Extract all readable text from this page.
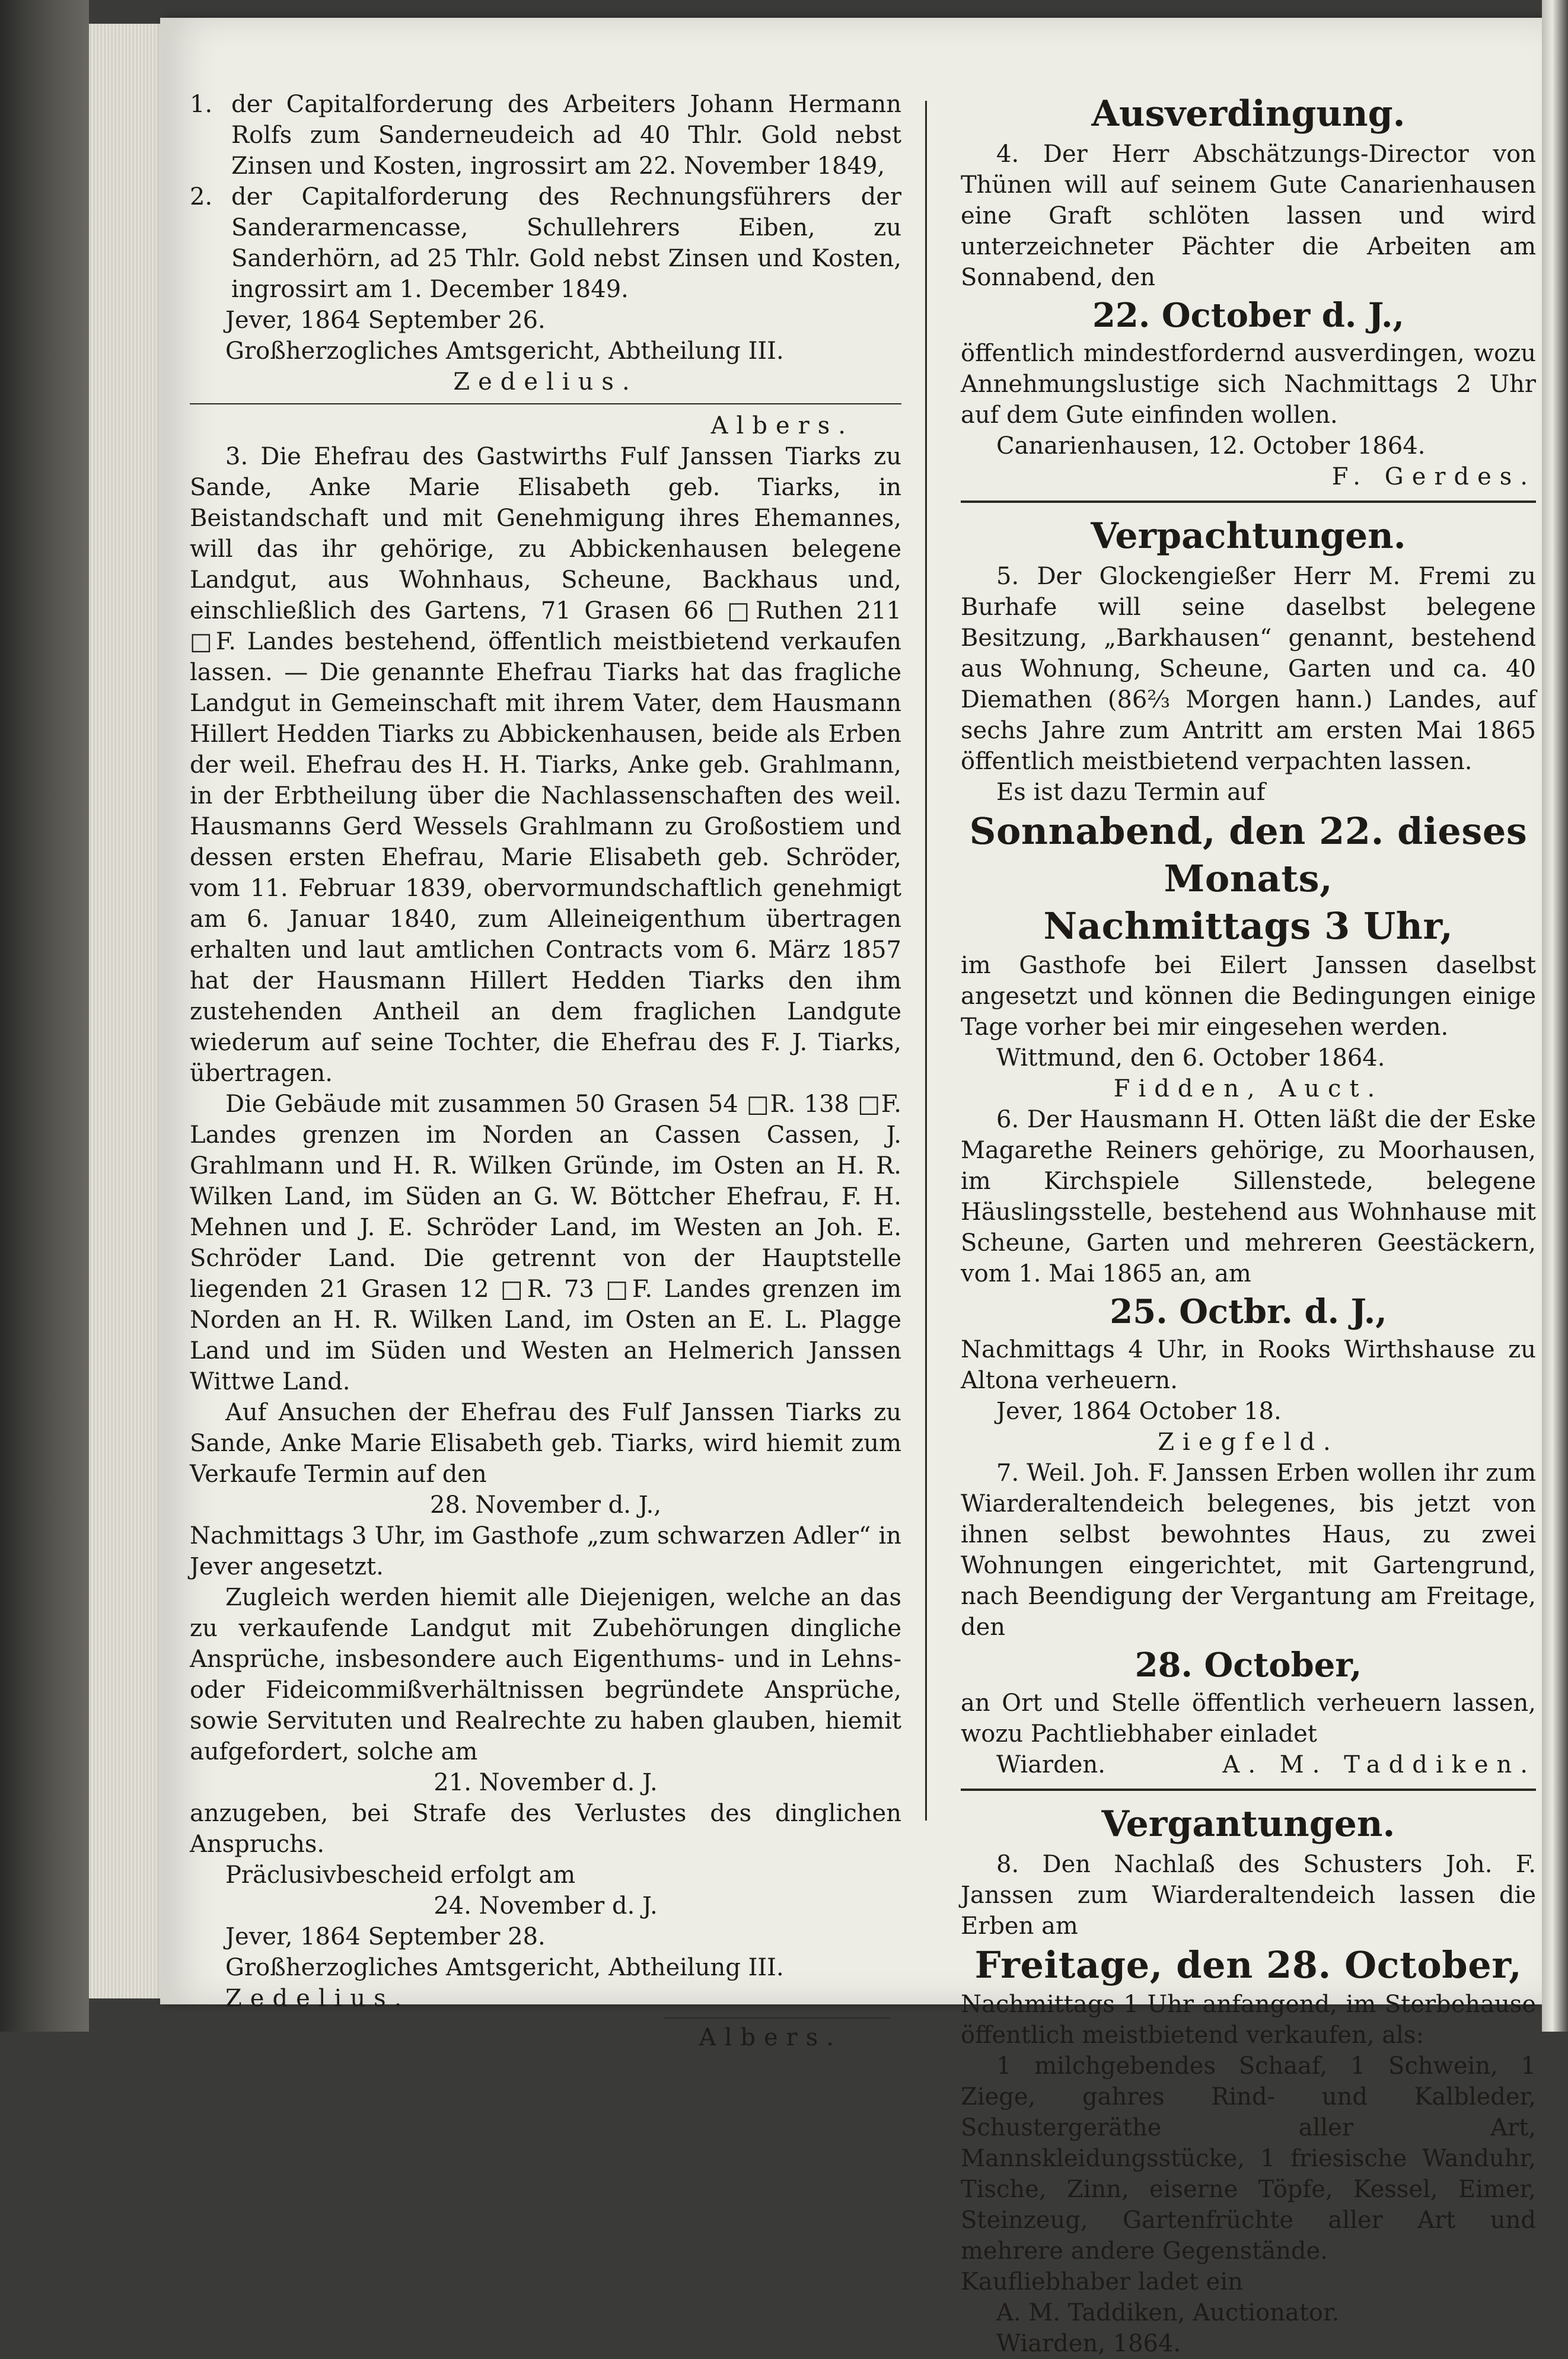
1. der Capitalforderung des Arbeiters Johann Hermann Rolfs zum Sanderneudeich ad 40 Thlr. Gold nebst Zinsen und Kosten, ingrossirt am 22. November 1849,
2. der Capitalforderung des Rechnungsführers der Sanderarmencasse, Schullehrers Eiben, zu Sanderhörn, ad 25 Thlr. Gold nebst Zinsen und Kosten, ingrossirt am 1. December 1849.

Jever, 1864 September 26.

Großherzogliches Amtsgericht, Abtheilung III.

Zedelius.

Albers.

3. Die Ehefrau des Gastwirths Fulf Janssen Tiarks zu Sande, Anke Marie Elisabeth geb. Tiarks, in Beistandschaft und mit Genehmigung ihres Ehemannes, will das ihr gehörige, zu Abbickenhausen belegene Landgut, aus Wohnhaus, Scheune, Backhaus und, einschließlich des Gartens, 71 Grasen 66 □Ruthen 211 □F. Landes bestehend, öffentlich meistbietend verkaufen lassen. — Die genannte Ehefrau Tiarks hat das fragliche Landgut in Gemeinschaft mit ihrem Vater, dem Hausmann Hillert Hedden Tiarks zu Abbickenhausen, beide als Erben der weil. Ehefrau des H. H. Tiarks, Anke geb. Grahlmann, in der Erbtheilung über die Nachlassenschaften des weil. Hausmanns Gerd Wessels Grahlmann zu Großostiem und dessen ersten Ehefrau, Marie Elisabeth geb. Schröder, vom 11. Februar 1839, obervormundschaftlich genehmigt am 6. Januar 1840, zum Alleineigenthum übertragen erhalten und laut amtlichen Contracts vom 6. März 1857 hat der Hausmann Hillert Hedden Tiarks den ihm zustehenden Antheil an dem fraglichen Landgute wiederum auf seine Tochter, die Ehefrau des F. J. Tiarks, übertragen.

Die Gebäude mit zusammen 50 Grasen 54 □R. 138 □F. Landes grenzen im Norden an Cassen Cassen, J. Grahlmann und H. R. Wilken Gründe, im Osten an H. R. Wilken Land, im Süden an G. W. Böttcher Ehefrau, F. H. Mehnen und J. E. Schröder Land, im Westen an Joh. E. Schröder Land. Die getrennt von der Hauptstelle liegenden 21 Grasen 12 □R. 73 □F. Landes grenzen im Norden an H. R. Wilken Land, im Osten an E. L. Plagge Land und im Süden und Westen an Helmerich Janssen Wittwe Land.

Auf Ansuchen der Ehefrau des Fulf Janssen Tiarks zu Sande, Anke Marie Elisabeth geb. Tiarks, wird hiemit zum Verkaufe Termin auf den

28. November d. J.,

Nachmittags 3 Uhr, im Gasthofe „zum schwarzen Adler“ in Jever angesetzt.

Zugleich werden hiemit alle Diejenigen, welche an das zu verkaufende Landgut mit Zubehörungen dingliche Ansprüche, insbesondere auch Eigenthums- und in Lehns- oder Fideicommißverhältnissen begründete Ansprüche, sowie Servituten und Realrechte zu haben glauben, hiemit aufgefordert, solche am

21. November d. J.

anzugeben, bei Strafe des Verlustes des dinglichen Anspruchs.

Präclusivbescheid erfolgt am

24. November d. J.

Jever, 1864 September 28.

Großherzogliches Amtsgericht, Abtheilung III.

Zedelius.

Albers.

Ausverdingung.

4. Der Herr Abschätzungs-Director von Thünen will auf seinem Gute Canarienhausen eine Graft schlöten lassen und wird unterzeichneter Pächter die Arbeiten am Sonnabend, den

22. October d. J.,

öffentlich mindestfordernd ausverdingen, wozu Annehmungslustige sich Nachmittags 2 Uhr auf dem Gute einfinden wollen.

Canarienhausen, 12. October 1864.

F. Gerdes.

Verpachtungen.

5. Der Glockengießer Herr M. Fremi zu Burhafe will seine daselbst belegene Besitzung, „Barkhausen“ genannt, bestehend aus Wohnung, Scheune, Garten und ca. 40 Diemathen (86⅔ Morgen hann.) Landes, auf sechs Jahre zum Antritt am ersten Mai 1865 öffentlich meistbietend verpachten lassen.

Es ist dazu Termin auf

Sonnabend, den 22. dieses Monats,

Nachmittags 3 Uhr,

im Gasthofe bei Eilert Janssen daselbst angesetzt und können die Bedingungen einige Tage vorher bei mir eingesehen werden.

Wittmund, den 6. October 1864.

Fidden, Auct.

6. Der Hausmann H. Otten läßt die der Eske Magarethe Reiners gehörige, zu Moorhausen, im Kirchspiele Sillenstede, belegene Häuslingsstelle, bestehend aus Wohnhause mit Scheune, Garten und mehreren Geestäckern, vom 1. Mai 1865 an, am

25. Octbr. d. J.,

Nachmittags 4 Uhr, in Rooks Wirthshause zu Altona verheuern.

Jever, 1864 October 18.

Ziegfeld.

7. Weil. Joh. F. Janssen Erben wollen ihr zum Wiarderaltendeich belegenes, bis jetzt von ihnen selbst bewohntes Haus, zu zwei Wohnungen eingerichtet, mit Gartengrund, nach Beendigung der Vergantung am Freitage, den

28. October,

an Ort und Stelle öffentlich verheuern lassen, wozu Pachtliebhaber einladet

Wiarden.	A. M. Taddiken.

Vergantungen.

8. Den Nachlaß des Schusters Joh. F. Janssen zum Wiarderaltendeich lassen die Erben am

Freitage, den 28. October,

Nachmittags 1 Uhr anfangend, im Sterbehause öffentlich meistbietend verkaufen, als:

1 milchgebendes Schaaf, 1 Schwein, 1 Ziege, gahres Rind- und Kalbleder, Schustergeräthe aller Art, Mannskleidungsstücke, 1 friesische Wanduhr, Tische, Zinn, eiserne Töpfe, Kessel, Eimer, Steinzeug, Gartenfrüchte aller Art und mehrere andere Gegenstände.

Kaufliebhaber ladet ein

A. M. Taddiken, Auctionator.

Wiarden, 1864.
